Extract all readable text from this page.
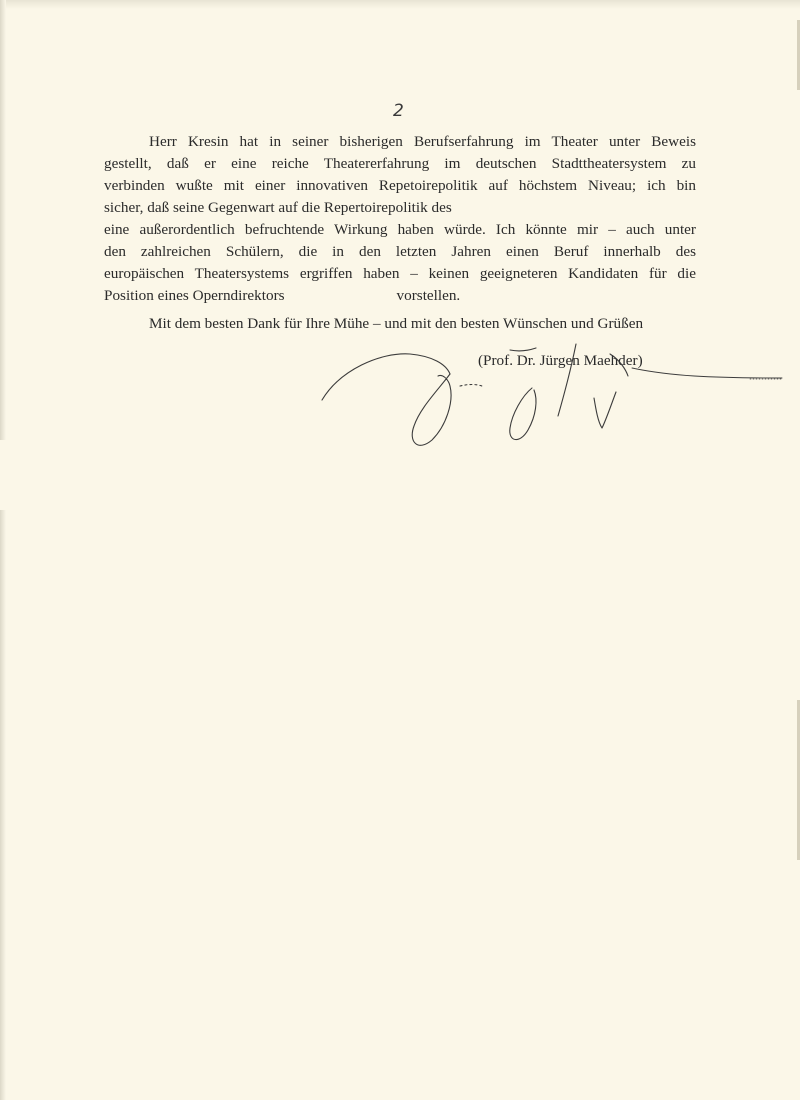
2
Herr Kresin hat in seiner bisherigen Berufserfahrung im Theater unter Beweis
gestellt, daß er eine reiche Theatererfahrung im deutschen Stadttheatersystem zu
verbinden wußte mit einer innovativen Repetoirepolitik auf höchstem Niveau; ich bin
sicher, daß seine Gegenwart auf die Repertoirepolitik des
eine außerordentlich befruchtende Wirkung haben würde. Ich könnte mir – auch unter
den zahlreichen Schülern, die in den letzten Jahren einen Beruf innerhalb des
europäischen Theatersystems ergriffen haben – keinen geeigneteren Kandidaten für die
Position eines Operndirektors	vorstellen.
Mit dem besten Dank für Ihre Mühe – und mit den besten Wünschen und Grüßen
(Prof. Dr. Jürgen Maehder)
